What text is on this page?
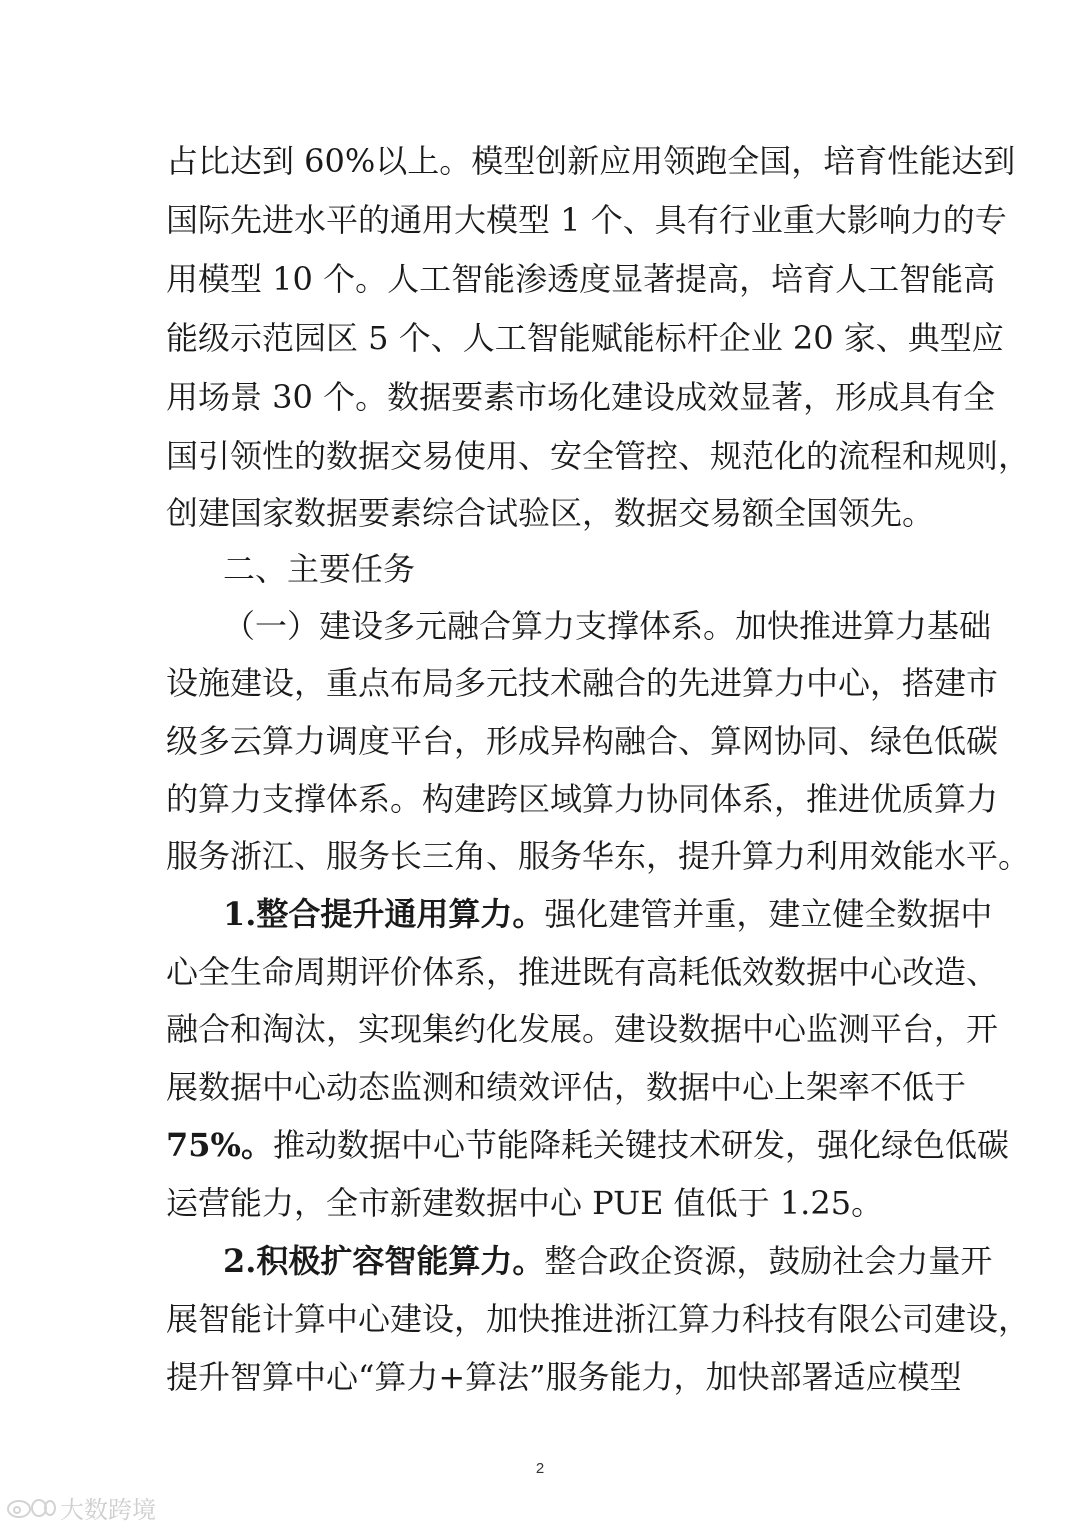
占比达到 60%以上。模型创新应用领跑全国，培育性能达到
国际先进水平的通用大模型 1 个、具有行业重大影响力的专
用模型 10 个。人工智能渗透度显著提高，培育人工智能高
能级示范园区 5 个、人工智能赋能标杆企业 20 家、典型应
用场景 30 个。数据要素市场化建设成效显著，形成具有全
国引领性的数据交易使用、安全管控、规范化的流程和规则，
创建国家数据要素综合试验区，数据交易额全国领先。
二、主要任务
（一）建设多元融合算力支撑体系。加快推进算力基础
设施建设，重点布局多元技术融合的先进算力中心，搭建市
级多云算力调度平台，形成异构融合、算网协同、绿色低碳
的算力支撑体系。构建跨区域算力协同体系，推进优质算力
服务浙江、服务长三角、服务华东，提升算力利用效能水平。
1.整合提升通用算力。强化建管并重，建立健全数据中
心全生命周期评价体系，推进既有高耗低效数据中心改造、
融合和淘汰，实现集约化发展。建设数据中心监测平台，开
展数据中心动态监测和绩效评估，数据中心上架率不低于
75%。推动数据中心节能降耗关键技术研发，强化绿色低碳
运营能力，全市新建数据中心 PUE 值低于 1.25。
2.积极扩容智能算力。整合政企资源，鼓励社会力量开
展智能计算中心建设，加快推进浙江算力科技有限公司建设，
提升智算中心“算力+算法”服务能力，加快部署适应模型
2
大数跨境
